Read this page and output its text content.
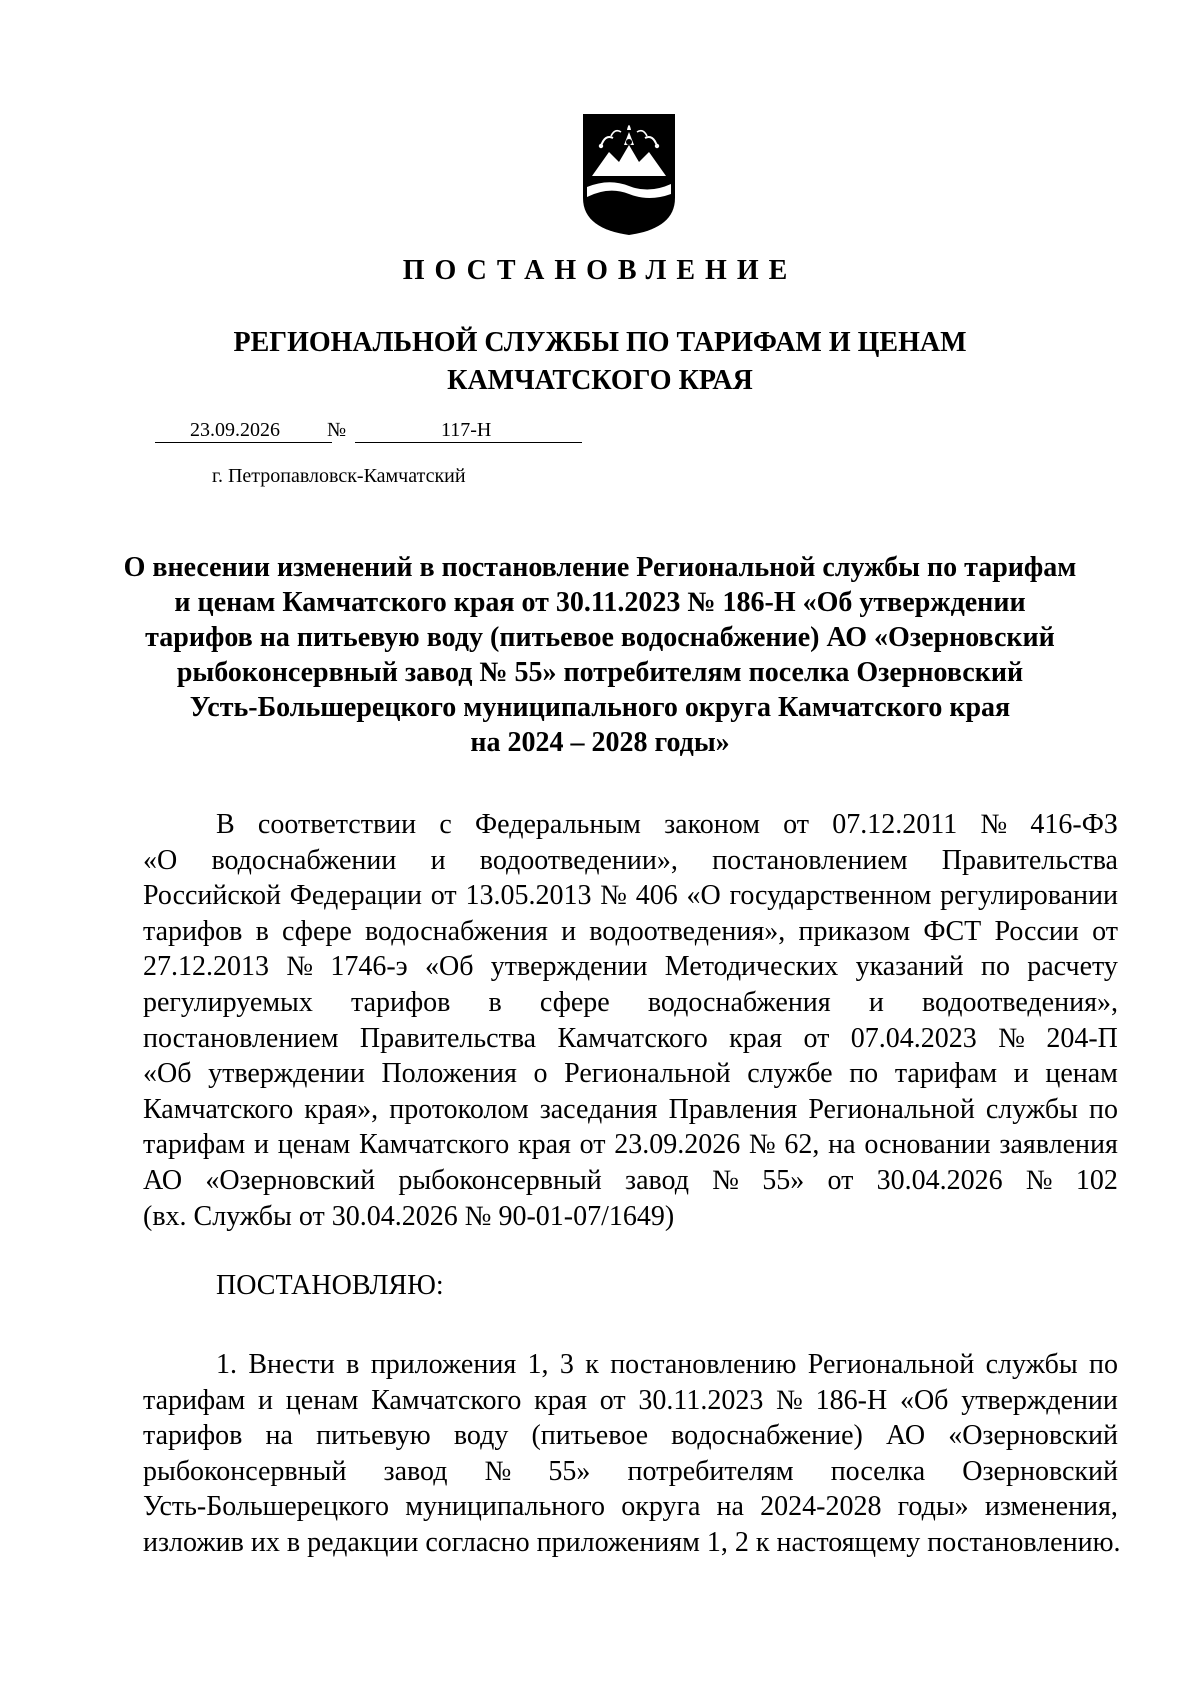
ПОСТАНОВЛЕНИЕ
РЕГИОНАЛЬНОЙ СЛУЖБЫ ПО ТАРИФАМ И ЦЕНАМ
КАМЧАТСКОГО КРАЯ
23.09.2026 №	117-Н
г. Петропавловск-Камчатский
О внесении изменений в постановление Региональной службы по тарифам
и ценам Камчатского края от 30.11.2023 № 186-Н «Об утверждении
тарифов на питьевую воду (питьевое водоснабжение) АО «Озерновский
рыбоконсервный завод № 55» потребителям поселка Озерновский
Усть-Большерецкого муниципального округа Камчатского края
на 2024 – 2028 годы»
В соответствии с Федеральным законом от 07.12.2011 № 416-ФЗ
«О водоснабжении и водоотведении», постановлением Правительства
Российской Федерации от 13.05.2013 № 406 «О государственном регулировании
тарифов в сфере водоснабжения и водоотведения», приказом ФСТ России от
27.12.2013 № 1746-э «Об утверждении Методических указаний по расчету
регулируемых тарифов в сфере водоснабжения и водоотведения»,
постановлением Правительства Камчатского края от 07.04.2023 № 204-П
«Об утверждении Положения о Региональной службе по тарифам и ценам
Камчатского края», протоколом заседания Правления Региональной службы по
тарифам и ценам Камчатского края от 23.09.2026 № 62, на основании заявления
АО «Озерновский рыбоконсервный завод № 55» от 30.04.2026 № 102
(вх. Службы от 30.04.2026 № 90-01-07/1649)
ПОСТАНОВЛЯЮ:
1. Внести в приложения 1, 3 к постановлению Региональной службы по
тарифам и ценам Камчатского края от 30.11.2023 № 186-Н «Об утверждении
тарифов на питьевую воду (питьевое водоснабжение) АО «Озерновский
рыбоконсервный завод № 55» потребителям поселка Озерновский
Усть-Большерецкого муниципального округа на 2024-2028 годы» изменения,
изложив их в редакции согласно приложениям 1, 2 к настоящему постановлению.
